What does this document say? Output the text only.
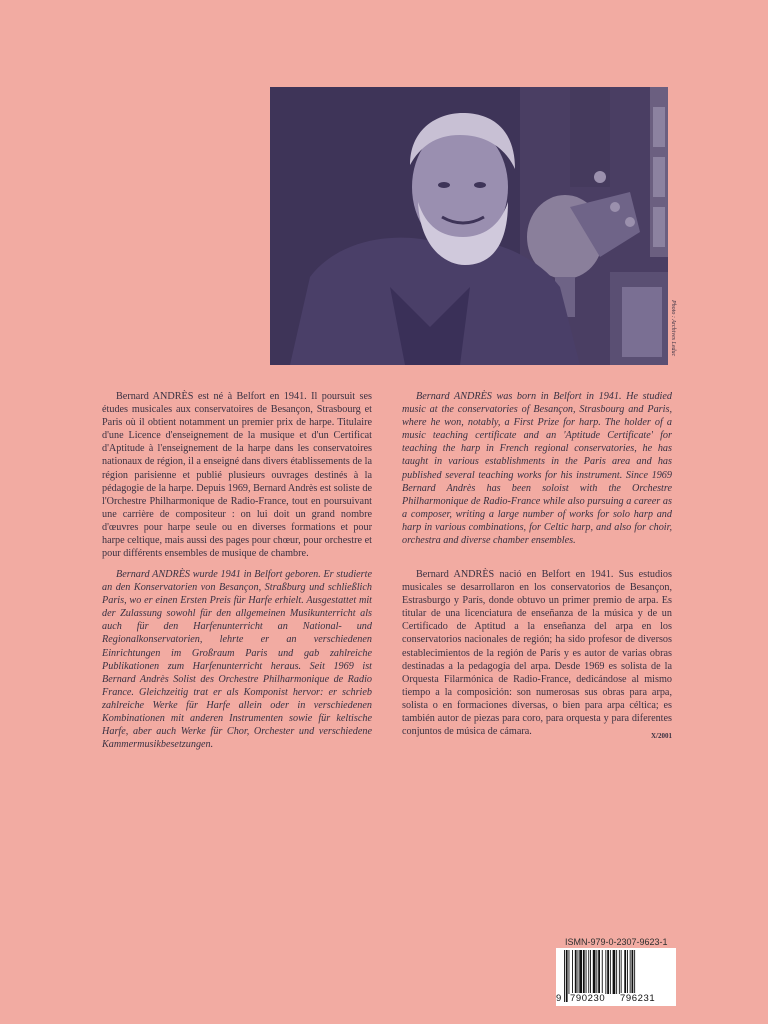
Photo : Archives Leduc

Bernard ANDRÈS est né à Belfort en 1941. Il poursuit ses études musicales aux conservatoires de Besançon, Strasbourg et Paris où il obtient notamment un premier prix de harpe. Titulaire d'une Licence d'enseignement de la musique et d'un Certificat d'Aptitude à l'enseignement de la harpe dans les conservatoires nationaux de région, il a enseigné dans divers établissements de la région parisienne et publié plusieurs ouvrages destinés à la pédagogie de la harpe. Depuis 1969, Bernard Andrès est soliste de l'Orchestre Philharmonique de Radio-France, tout en poursuivant une carrière de compositeur : on lui doit un grand nombre d'œuvres pour harpe seule ou en diverses formations et pour harpe celtique, mais aussi des pages pour chœur, pour orchestre et pour différents ensembles de musique de chambre.

Bernard ANDRÈS was born in Belfort in 1941. He studied music at the conservatories of Besançon, Strasbourg and Paris, where he won, notably, a First Prize for harp. The holder of a music teaching certificate and an 'Aptitude Certificate' for teaching the harp in French regional conservatories, he has taught in various establishments in the Paris area and has published several teaching works for his instrument. Since 1969 Bernard Andrès has been soloist with the Orchestre Philharmonique de Radio-France while also pursuing a career as a composer, writing a large number of works for solo harp and harp in various combinations, for Celtic harp, and also for choir, orchestra and diverse chamber ensembles.

Bernard ANDRÈS wurde 1941 in Belfort geboren. Er studierte an den Konservatorien von Besançon, Straßburg und schließlich Paris, wo er einen Ersten Preis für Harfe erhielt. Ausgestattet mit der Zulassung sowohl für den allgemeinen Musikunterricht als auch für den Harfenunterricht an National- und Regionalkonservatorien, lehrte er an verschiedenen Einrichtungen im Großraum Paris und gab zahlreiche Publikationen zum Harfenunterricht heraus. Seit 1969 ist Bernard Andrès Solist des Orchestre Philharmonique de Radio France. Gleichzeitig trat er als Komponist hervor: er schrieb zahlreiche Werke für Harfe allein oder in verschiedenen Kombinationen mit anderen Instrumenten sowie für keltische Harfe, aber auch Werke für Chor, Orchester und verschiedene Kammermusikbesetzungen.

Bernard ANDRÈS nació en Belfort en 1941. Sus estudios musicales se desarrollaron en los conservatorios de Besançon, Estrasburgo y París, donde obtuvo un primer premio de arpa. Es titular de una licenciatura de enseñanza de la música y de un Certificado de Aptitud a la enseñanza del arpa en los conservatorios nacionales de región; ha sido profesor de diversos establecimientos de la región de París y es autor de varias obras destinadas a la pedagogía del arpa. Desde 1969 es solista de la Orquesta Filarmónica de Radio-France, dedicándose al mismo tiempo a la composición: son numerosas sus obras para arpa, solista o en formaciones diversas, o bien para arpa céltica; es también autor de piezas para coro, para orquesta y para diferentes conjuntos de música de cámara.	X/2001
ISMN-979-0-2307-9623-1
9 790230 796231
